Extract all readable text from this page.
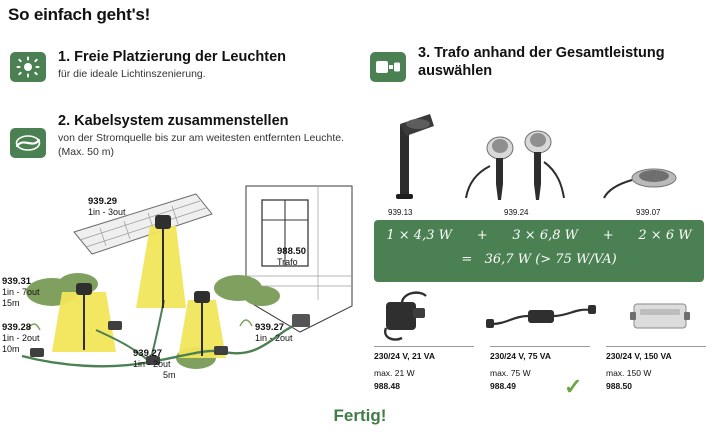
So einfach geht's!
1. Freie Platzierung der Leuchten
für die ideale Lichtinszenierung.
2. Kabelsystem zusammenstellen
von der Stromquelle bis zur am weitesten entfernten Leuchte. (Max. 50 m)
3. Trafo anhand der Gesamtleistung auswählen
939.29
1in - 3out
939.31
1in - 7out
15m
939.28
1in - 2out
10m	939.27
1in - 2out
5m
939.27
1in - 2out
988.50
Trafo
939.13	939.24	939.07
1 × 4,3 W + 3 × 6,8 W + 2 × 6 W
= 36,7 W (> 75 W/VA)
230/24 V, 21 VA
max. 21 W
988.48
230/24 V, 75 VA
max. 75 W
988.49
230/24 V, 150 VA
max. 150 W
988.50
✓
Fertig!
